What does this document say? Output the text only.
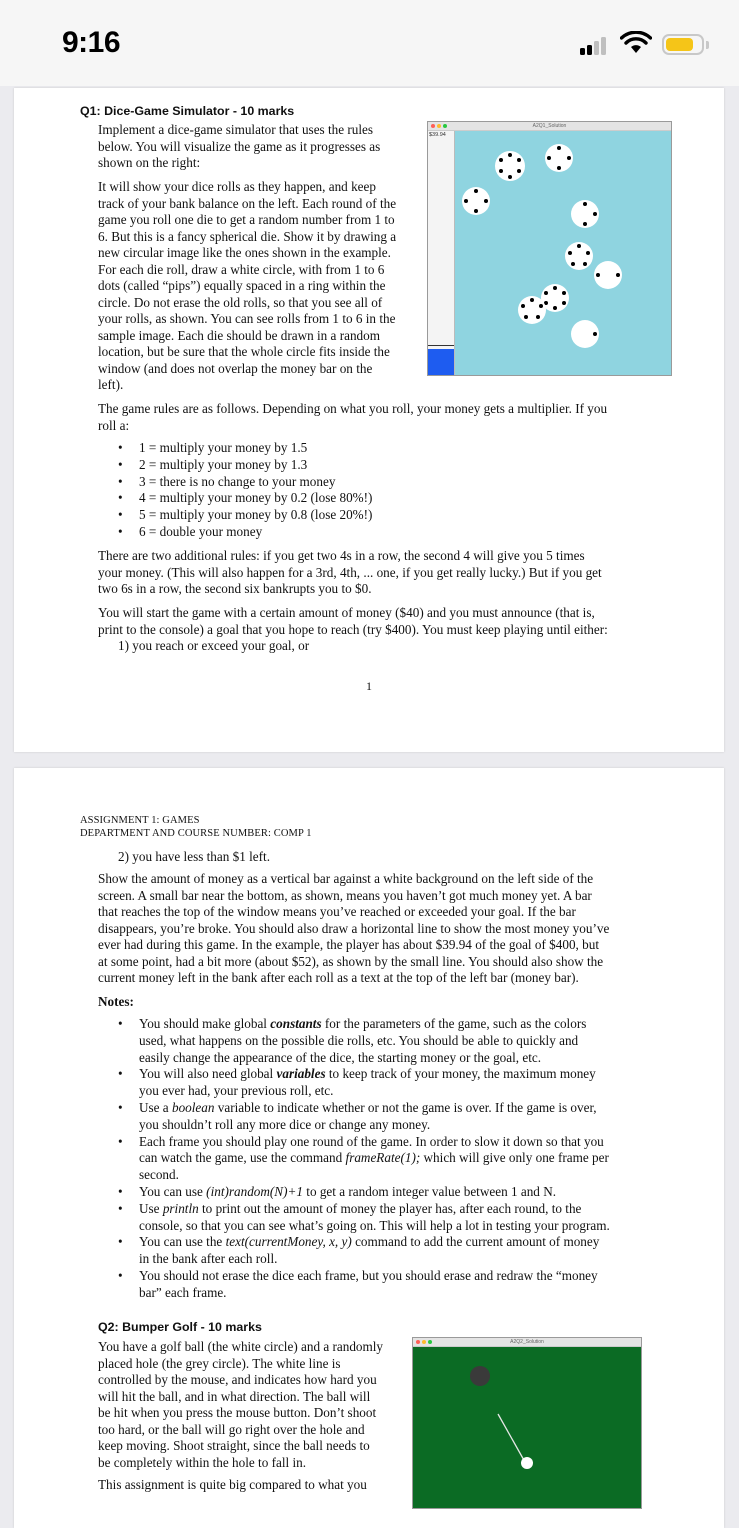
9:16
Q1: Dice-Game Simulator - 10 marks
Implement a dice-game simulator that uses the rules
below. You will visualize the game as it progresses as
shown on the right:
It will show your dice rolls as they happen, and keep
track of your bank balance on the left. Each round of the
game you roll one die to get a random number from 1 to
6. But this is a fancy spherical die. Show it by drawing a
new circular image like the ones shown in the example.
For each die roll, draw a white circle, with from 1 to 6
dots (called “pips”) equally spaced in a ring within the
circle. Do not erase the old rolls, so that you see all of
your rolls, as shown. You can see rolls from 1 to 6 in the
sample image. Each die should be drawn in a random
location, but be sure that the whole circle fits inside the
window (and does not overlap the money bar on the
left).
A2Q1_Solution
$39.94
The game rules are as follows. Depending on what you roll, your money gets a multiplier. If you
roll a:
• 1 = multiply your money by 1.5
• 2 = multiply your money by 1.3
• 3 = there is no change to your money
• 4 = multiply your money by 0.2 (lose 80%!)
• 5 = multiply your money by 0.8 (lose 20%!)
• 6 = double your money
There are two additional rules: if you get two 4s in a row, the second 4 will give you 5 times
your money. (This will also happen for a 3rd, 4th, ... one, if you get really lucky.) But if you get
two 6s in a row, the second six bankrupts you to $0.
You will start the game with a certain amount of money ($40) and you must announce (that is,
print to the console) a goal that you hope to reach (try $400). You must keep playing until either:
1) you reach or exceed your goal, or
1
ASSIGNMENT 1: GAMES
DEPARTMENT AND COURSE NUMBER: COMP 1
2) you have less than $1 left.
Show the amount of money as a vertical bar against a white background on the left side of the
screen. A small bar near the bottom, as shown, means you haven’t got much money yet. A bar
that reaches the top of the window means you’ve reached or exceeded your goal. If the bar
disappears, you’re broke. You should also draw a horizontal line to show the most money you’ve
ever had during this game. In the example, the player has about $39.94 of the goal of $400, but
at some point, had a bit more (about $52), as shown by the small line. You should also show the
current money left in the bank after each roll as a text at the top of the left bar (money bar).
Notes:
• You should make global constants for the parameters of the game, such as the colors
used, what happens on the possible die rolls, etc. You should be able to quickly and
easily change the appearance of the dice, the starting money or the goal, etc.
• You will also need global variables to keep track of your money, the maximum money
you ever had, your previous roll, etc.
• Use a boolean variable to indicate whether or not the game is over. If the game is over,
you shouldn’t roll any more dice or change any money.
• Each frame you should play one round of the game. In order to slow it down so that you
can watch the game, use the command frameRate(1); which will give only one frame per
second.
• You can use (int)random(N)+1 to get a random integer value between 1 and N.
• Use println to print out the amount of money the player has, after each round, to the
console, so that you can see what’s going on. This will help a lot in testing your program.
• You can use the text(currentMoney, x, y) command to add the current amount of money
in the bank after each roll.
• You should not erase the dice each frame, but you should erase and redraw the “money
bar” each frame.
Q2: Bumper Golf - 10 marks
You have a golf ball (the white circle) and a randomly
placed hole (the grey circle). The white line is
controlled by the mouse, and indicates how hard you
will hit the ball, and in what direction. The ball will
be hit when you press the mouse button. Don’t shoot
too hard, or the ball will go right over the hole and
keep moving. Shoot straight, since the ball needs to
be completely within the hole to fall in.
This assignment is quite big compared to what you
A2Q2_Solution
